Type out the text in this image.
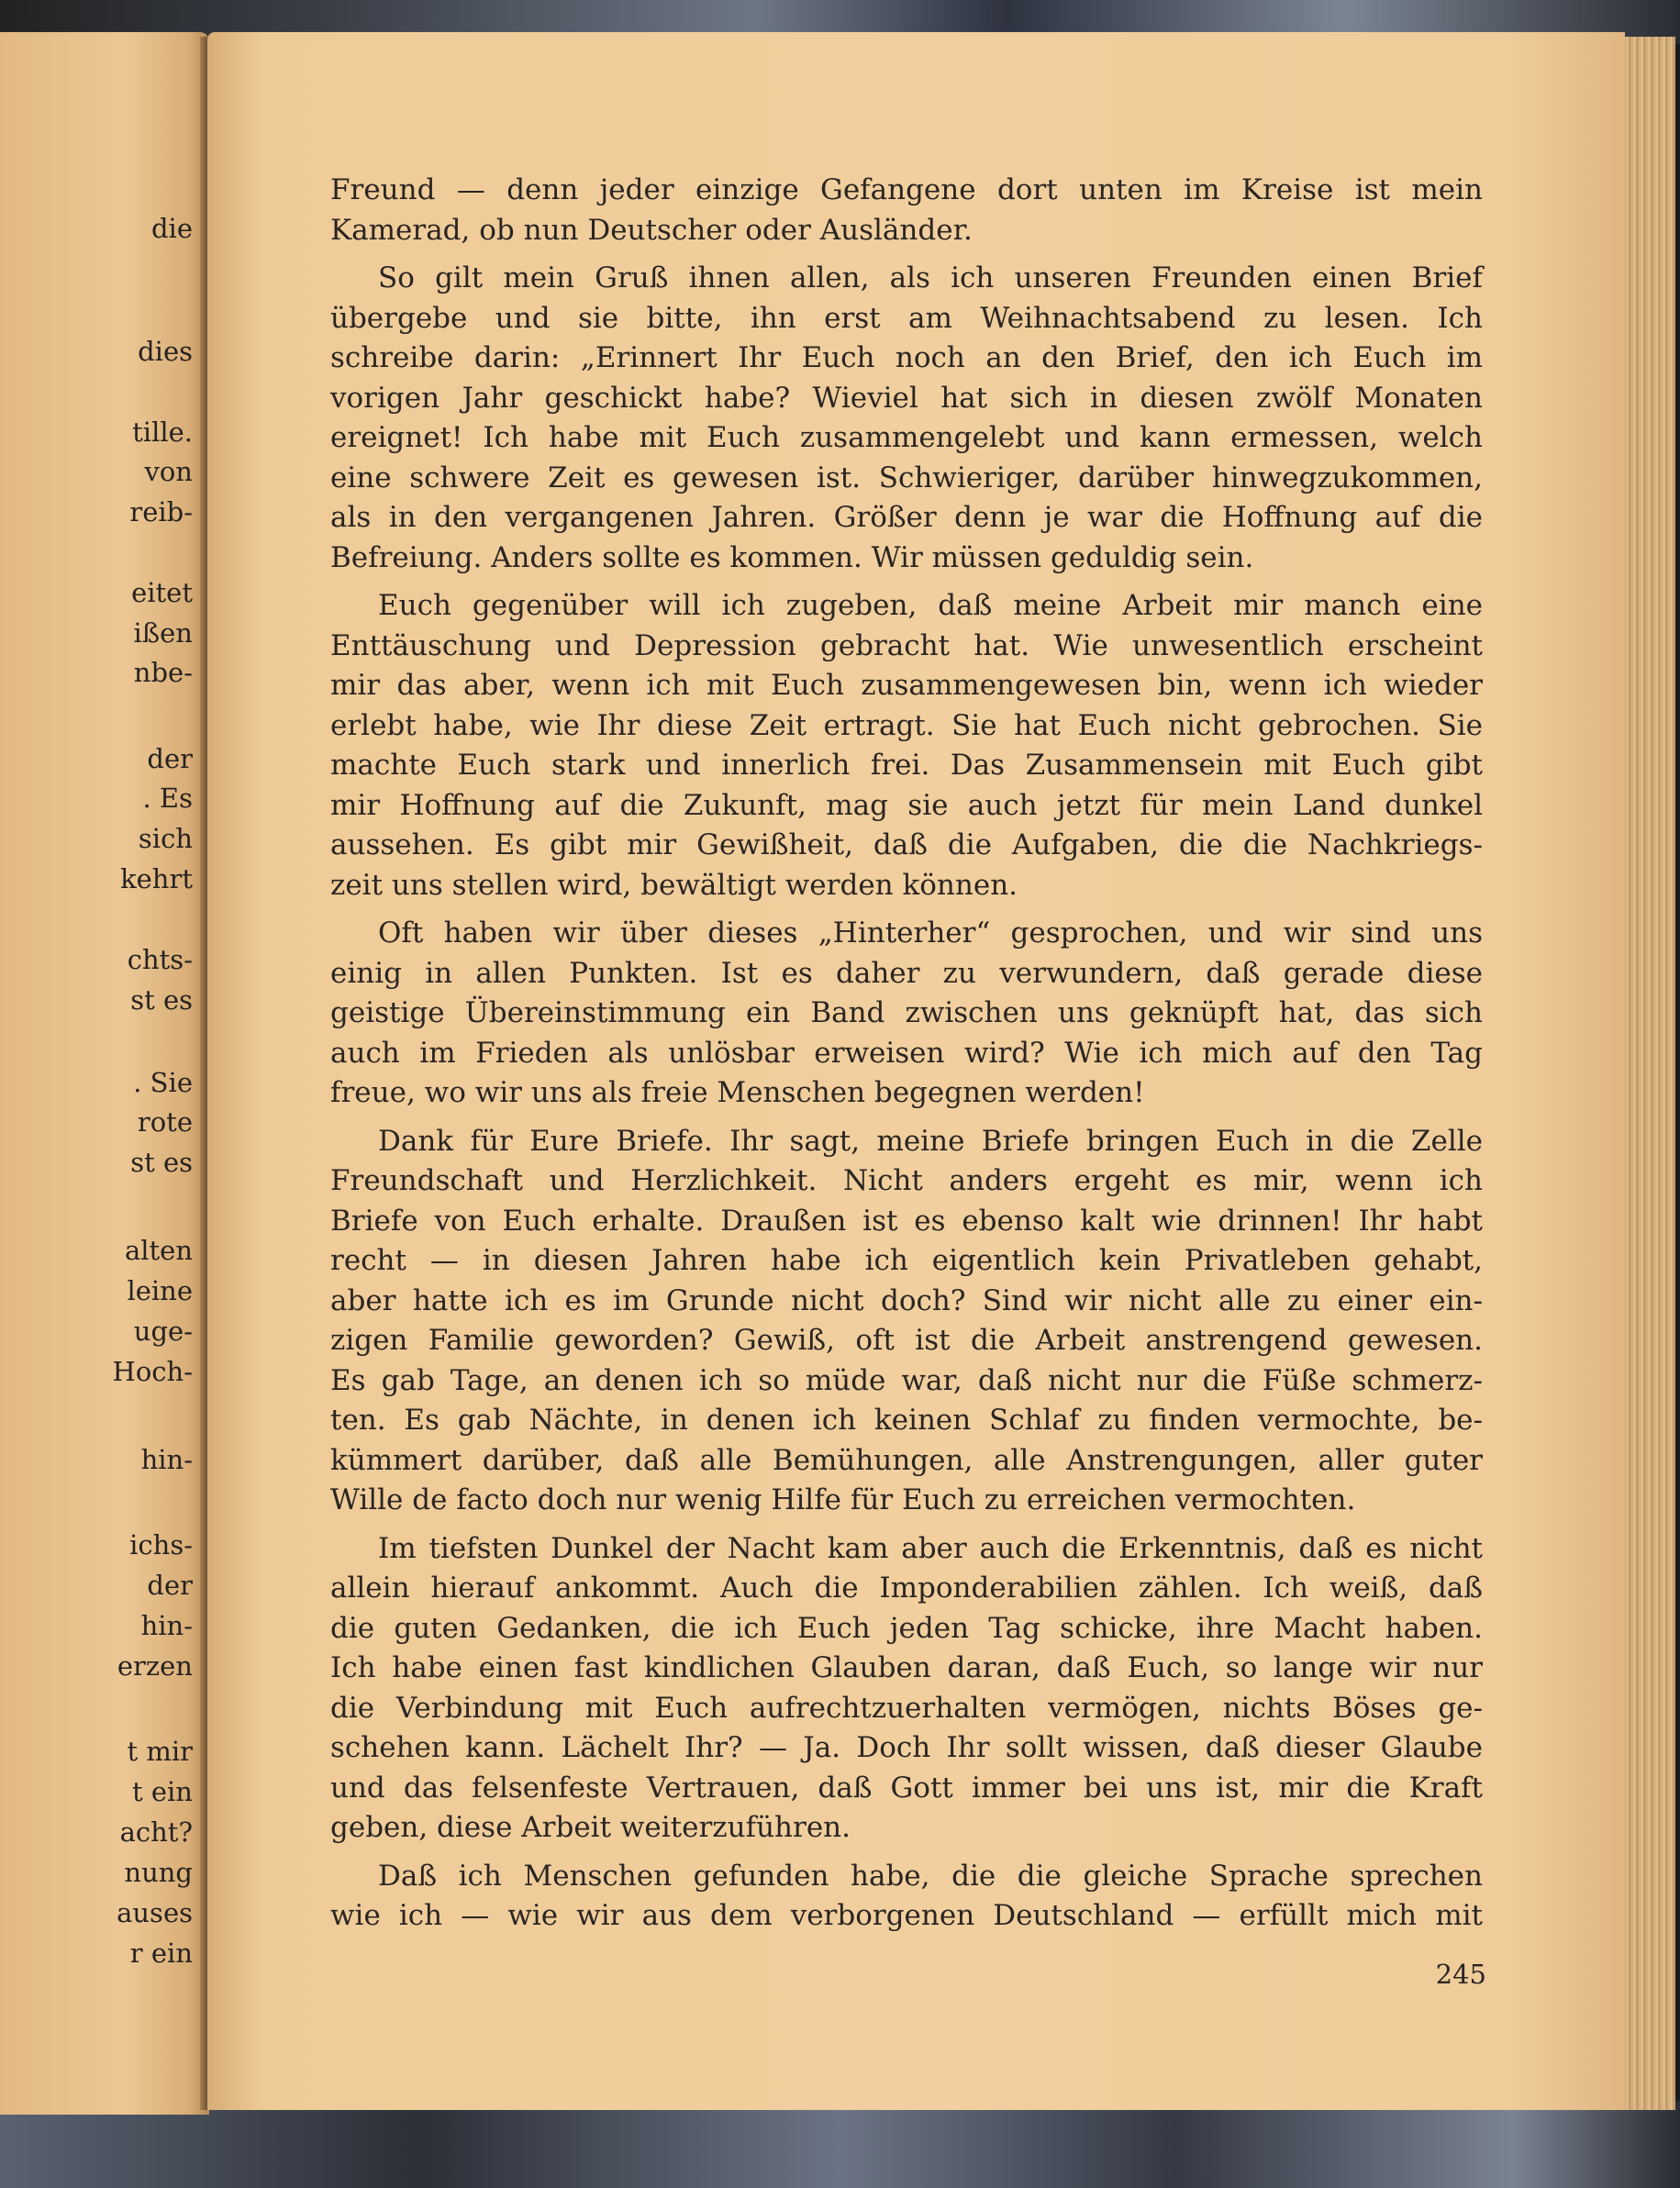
die
dies
tille.
von
reib-
eitet
ißen
nbe-
der
. Es
sich
kehrt
chts-
st es
. Sie
rote
st es
alten
leine
uge-
Hoch-
hin-
ichs-
der
hin-
erzen
t mir
t ein
acht?
nung
auses
r ein
Freund — denn jeder einzige Gefangene dort unten im Kreise ist mein
Kamerad, ob nun Deutscher oder Ausländer.
So gilt mein Gruß ihnen allen, als ich unseren Freunden einen Brief
übergebe und sie bitte, ihn erst am Weihnachtsabend zu lesen. Ich
schreibe darin: „Erinnert Ihr Euch noch an den Brief, den ich Euch im
vorigen Jahr geschickt habe? Wieviel hat sich in diesen zwölf Monaten
ereignet! Ich habe mit Euch zusammengelebt und kann ermessen, welch
eine schwere Zeit es gewesen ist. Schwieriger, darüber hinwegzukommen,
als in den vergangenen Jahren. Größer denn je war die Hoffnung auf die
Befreiung. Anders sollte es kommen. Wir müssen geduldig sein.
Euch gegenüber will ich zugeben, daß meine Arbeit mir manch eine
Enttäuschung und Depression gebracht hat. Wie unwesentlich erscheint
mir das aber, wenn ich mit Euch zusammengewesen bin, wenn ich wieder
erlebt habe, wie Ihr diese Zeit ertragt. Sie hat Euch nicht gebrochen. Sie
machte Euch stark und innerlich frei. Das Zusammensein mit Euch gibt
mir Hoffnung auf die Zukunft, mag sie auch jetzt für mein Land dunkel
aussehen. Es gibt mir Gewißheit, daß die Aufgaben, die die Nachkriegs-
zeit uns stellen wird, bewältigt werden können.
Oft haben wir über dieses „Hinterher“ gesprochen, und wir sind uns
einig in allen Punkten. Ist es daher zu verwundern, daß gerade diese
geistige Übereinstimmung ein Band zwischen uns geknüpft hat, das sich
auch im Frieden als unlösbar erweisen wird? Wie ich mich auf den Tag
freue, wo wir uns als freie Menschen begegnen werden!
Dank für Eure Briefe. Ihr sagt, meine Briefe bringen Euch in die Zelle
Freundschaft und Herzlichkeit. Nicht anders ergeht es mir, wenn ich
Briefe von Euch erhalte. Draußen ist es ebenso kalt wie drinnen! Ihr habt
recht — in diesen Jahren habe ich eigentlich kein Privatleben gehabt,
aber hatte ich es im Grunde nicht doch? Sind wir nicht alle zu einer ein-
zigen Familie geworden? Gewiß, oft ist die Arbeit anstrengend gewesen.
Es gab Tage, an denen ich so müde war, daß nicht nur die Füße schmerz-
ten. Es gab Nächte, in denen ich keinen Schlaf zu finden vermochte, be-
kümmert darüber, daß alle Bemühungen, alle Anstrengungen, aller guter
Wille de facto doch nur wenig Hilfe für Euch zu erreichen vermochten.
Im tiefsten Dunkel der Nacht kam aber auch die Erkenntnis, daß es nicht
allein hierauf ankommt. Auch die Imponderabilien zählen. Ich weiß, daß
die guten Gedanken, die ich Euch jeden Tag schicke, ihre Macht haben.
Ich habe einen fast kindlichen Glauben daran, daß Euch, so lange wir nur
die Verbindung mit Euch aufrechtzuerhalten vermögen, nichts Böses ge-
schehen kann. Lächelt Ihr? — Ja. Doch Ihr sollt wissen, daß dieser Glaube
und das felsenfeste Vertrauen, daß Gott immer bei uns ist, mir die Kraft
geben, diese Arbeit weiterzuführen.
Daß ich Menschen gefunden habe, die die gleiche Sprache sprechen
wie ich — wie wir aus dem verborgenen Deutschland — erfüllt mich mit
245
